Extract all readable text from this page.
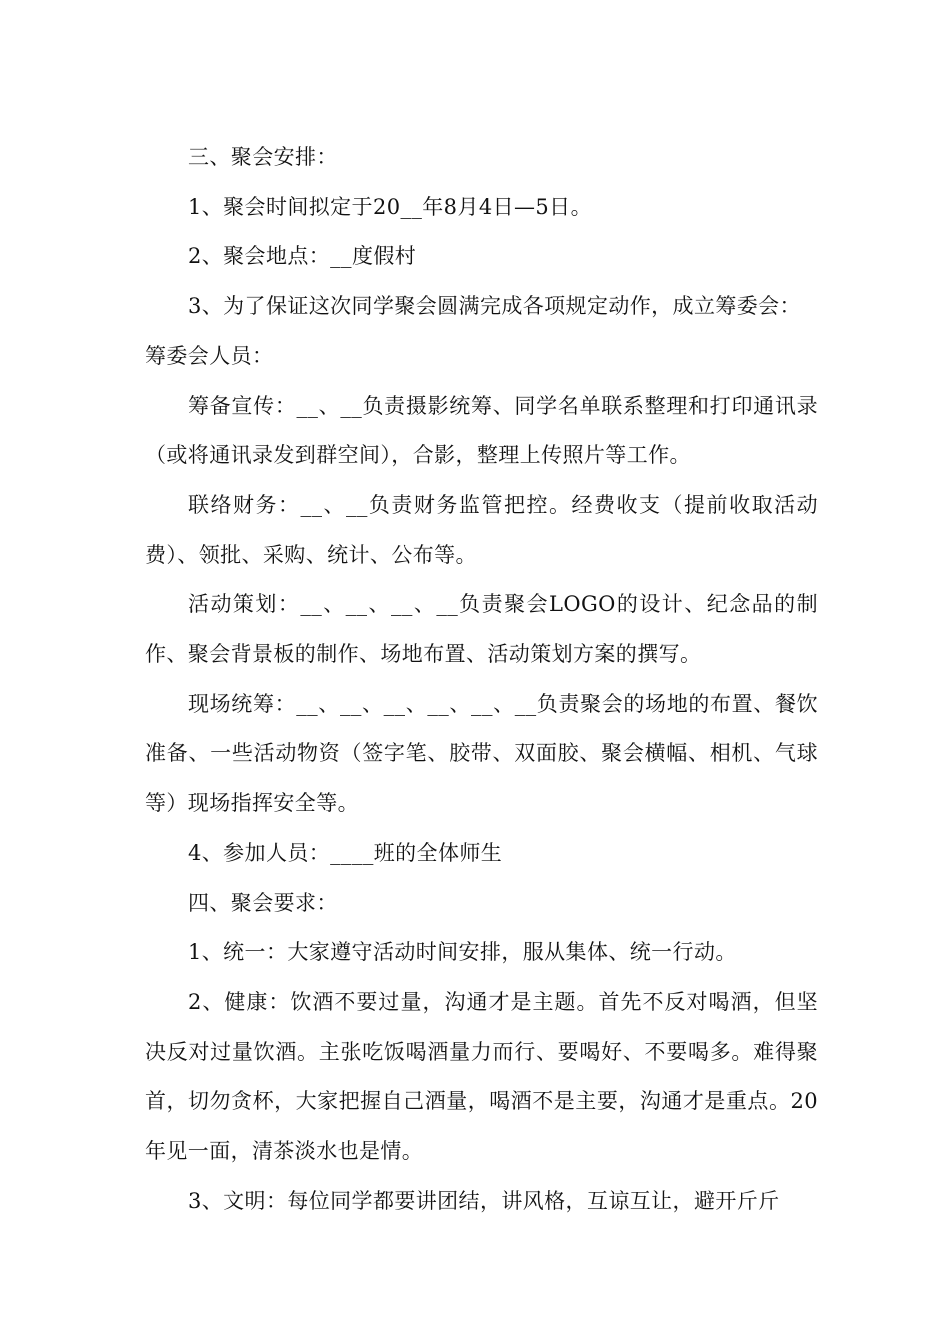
三、聚会安排：

1、聚会时间拟定于20__年8月4日—5日。

2、聚会地点：__度假村

3、为了保证这次同学聚会圆满完成各项规定动作，成立筹委会：

筹委会人员：

筹备宣传：__、__负责摄影统筹、同学名单联系整理和打印通讯录（或将通讯录发到群空间），合影，整理上传照片等工作。

联络财务：__、__负责财务监管把控。经费收支（提前收取活动费）、领批、采购、统计、公布等。

活动策划：__、__、__、__负责聚会LOGO的设计、纪念品的制作、聚会背景板的制作、场地布置、活动策划方案的撰写。

现场统筹：__、__、__、__、__、__负责聚会的场地的布置、餐饮准备、一些活动物资（签字笔、胶带、双面胶、聚会横幅、相机、气球等）现场指挥安全等。

4、参加人员：____班的全体师生

四、聚会要求：

1、统一：大家遵守活动时间安排，服从集体、统一行动。

2、健康：饮酒不要过量，沟通才是主题。首先不反对喝酒，但坚决反对过量饮酒。主张吃饭喝酒量力而行、要喝好、不要喝多。难得聚首，切勿贪杯，大家把握自己酒量，喝酒不是主要，沟通才是重点。20年见一面，清茶淡水也是情。

3、文明：每位同学都要讲团结，讲风格，互谅互让，避开斤斤
